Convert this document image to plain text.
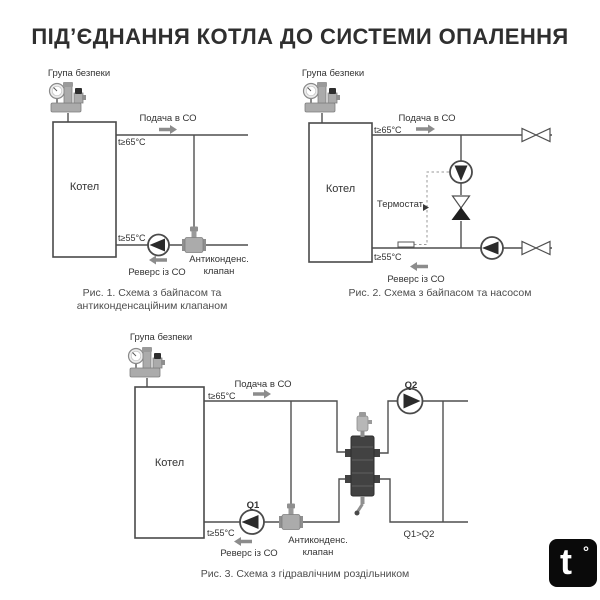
ПІД’ЄДНАННЯ КОТЛА ДО СИСТЕМИ ОПАЛЕННЯ
Котел
Група безпеки
Подача в СО
t≥65°C
t≥55°C
Реверс із СО
Антиконденс.
клапан
Рис. 1. Схема з байпасом та
антиконденсаційним клапаном
Котел
Група безпеки
Подача в СО
t≥65°C
Термостат
t≥55°C
Реверс із СО
Рис. 2. Схема з байпасом та насосом
Котел
Група безпеки
Подача в СО
t≥65°C
Q2
Q1
t≥55°C
Реверс із СО
Антиконденс.
клапан
Q1>Q2
Рис. 3. Схема з гідравлічним роздільником	t °
